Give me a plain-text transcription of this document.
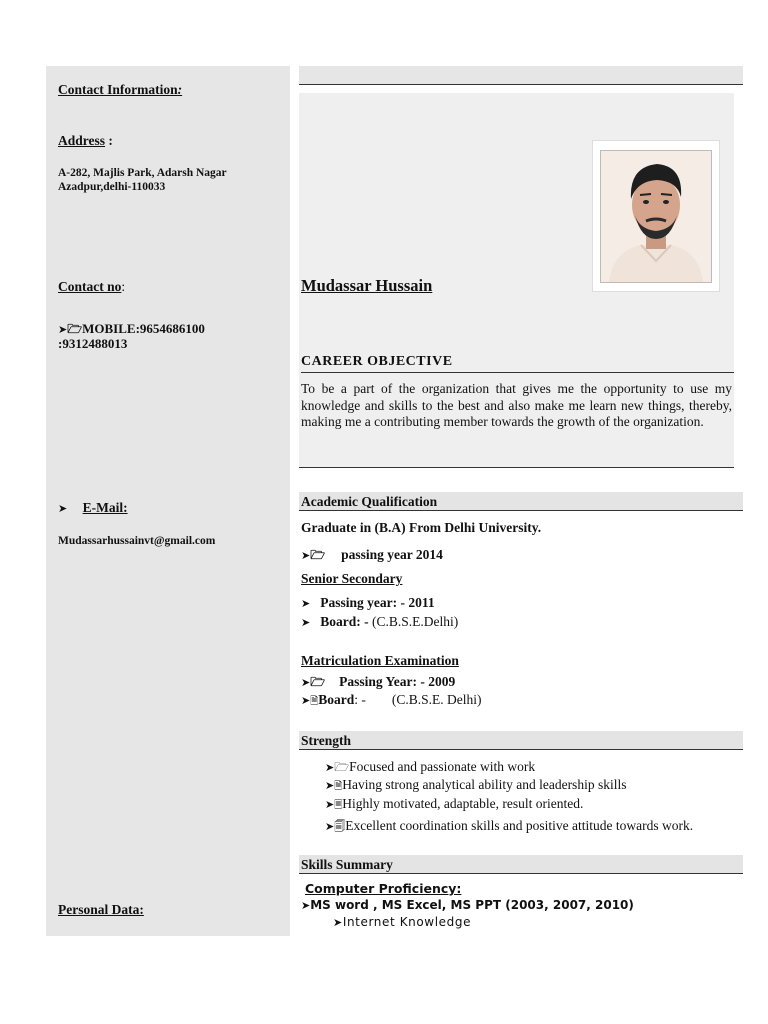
Contact Information:
Address :
A-282, Majlis Park, Adarsh Nagar
Azadpur,delhi-110033
Contact no:
➤🗁MOBILE:9654686100
:9312488013
➤ E-Mail:
Mudassarhussainvt@gmail.com
Personal Data:
Mudassar Hussain
CAREER OBJECTIVE
To be a part of the organization that gives me the opportunity to use my knowledge and skills to the best and also make me learn new things, thereby, making me a contributing member towards the growth of the organization.
Academic Qualification
Graduate in (B.A) From Delhi University.
➤🗁 passing year 2014
Senior Secondary
➤ Passing year: - 2011
➤ Board: - (C.B.S.E.Delhi)
Matriculation Examination
➤🗁 Passing Year: - 2009
➤🗎Board: - (C.B.S.E. Delhi)
Strength
➤🗁Focused and passionate with work
➤🗎Having strong analytical ability and leadership skills
➤🗏Highly motivated, adaptable, result oriented.
➤🗐Excellent coordination skills and positive attitude towards work.
Skills Summary
Computer Proficiency:
➤MS word , MS Excel, MS PPT (2003, 2007, 2010)
➤Internet Knowledge
